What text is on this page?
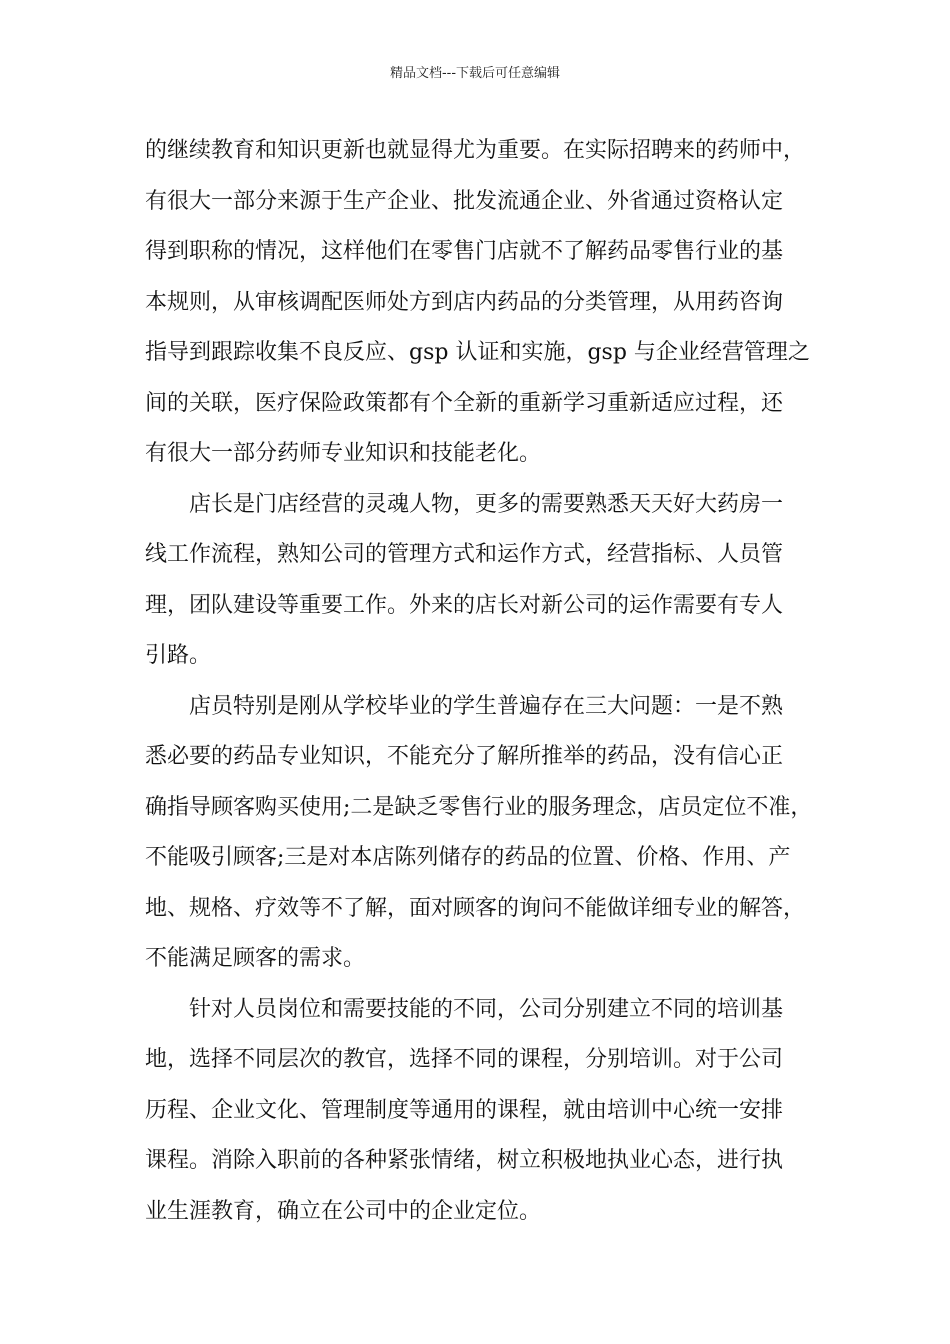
精品文档---下载后可任意编辑
的继续教育和知识更新也就显得尤为重要。在实际招聘来的药师中，
有很大一部分来源于生产企业、批发流通企业、外省通过资格认定
得到职称的情况，这样他们在零售门店就不了解药品零售行业的基
本规则，从审核调配医师处方到店内药品的分类管理，从用药咨询
指导到跟踪收集不良反应、gsp 认证和实施，gsp 与企业经营管理之
间的关联，医疗保险政策都有个全新的重新学习重新适应过程，还
有很大一部分药师专业知识和技能老化。
店长是门店经营的灵魂人物，更多的需要熟悉天天好大药房一
线工作流程，熟知公司的管理方式和运作方式，经营指标、人员管
理，团队建设等重要工作。外来的店长对新公司的运作需要有专人
引路。
店员特别是刚从学校毕业的学生普遍存在三大问题：一是不熟
悉必要的药品专业知识，不能充分了解所推举的药品，没有信心正
确指导顾客购买使用;二是缺乏零售行业的服务理念，店员定位不准，
不能吸引顾客;三是对本店陈列储存的药品的位置、价格、作用、产
地、规格、疗效等不了解，面对顾客的询问不能做详细专业的解答，
不能满足顾客的需求。
针对人员岗位和需要技能的不同，公司分别建立不同的培训基
地，选择不同层次的教官，选择不同的课程，分别培训。对于公司
历程、企业文化、管理制度等通用的课程，就由培训中心统一安排
课程。消除入职前的各种紧张情绪，树立积极地执业心态，进行执
业生涯教育，确立在公司中的企业定位。
